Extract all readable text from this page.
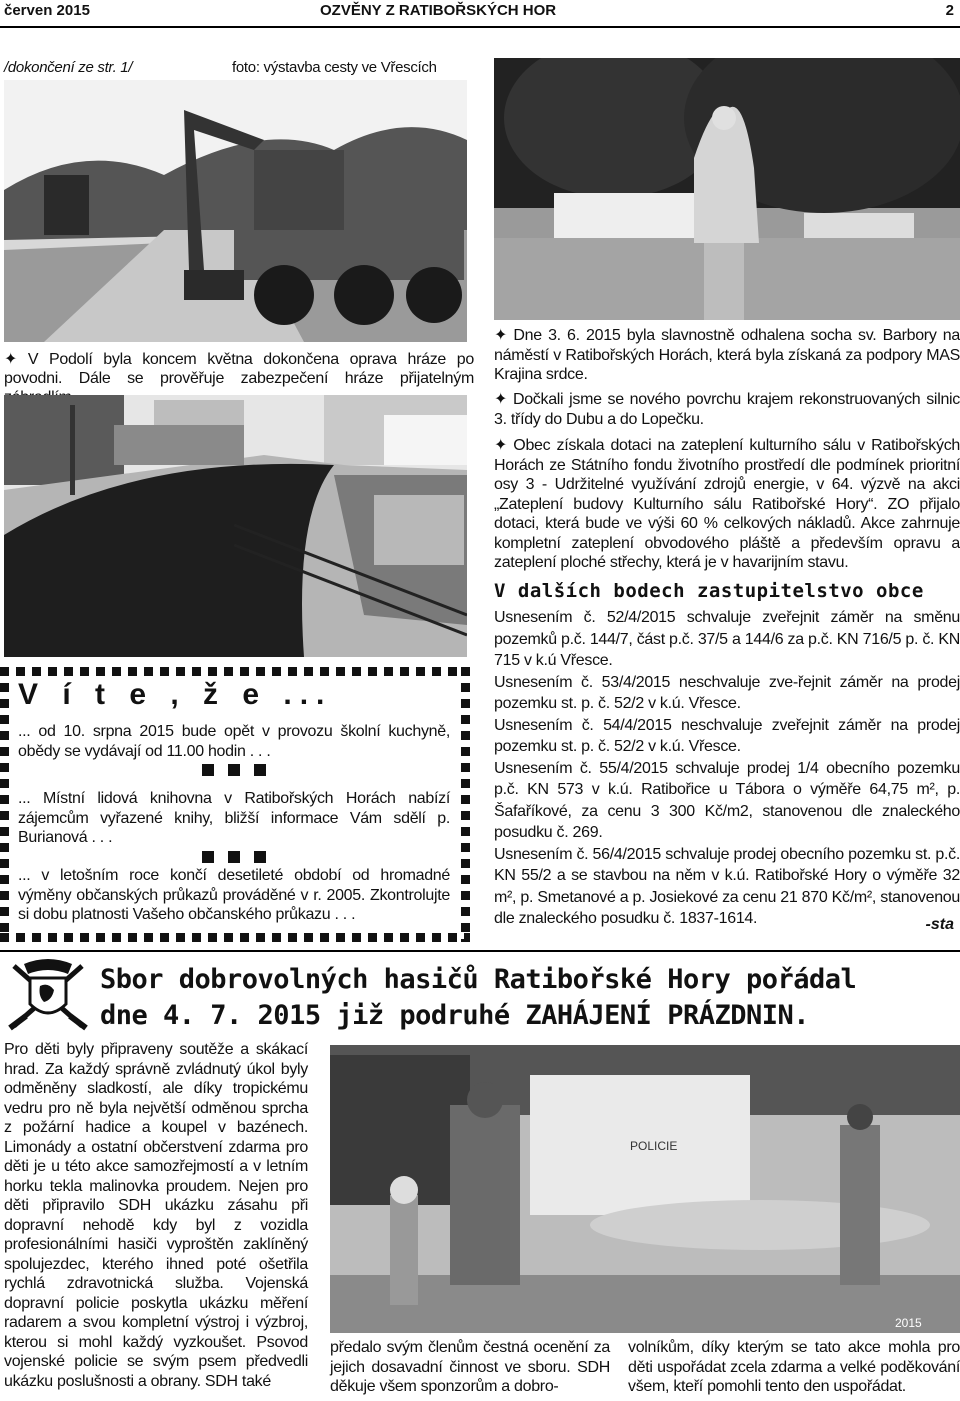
červen 2015	OZVĚNY Z RATIBOŘSKÝCH HOR	2
/dokončení ze str. 1/	foto: výstavba cesty ve Vřescích
✦ V Podolí byla koncem května dokončena oprava hráze po povodni. Dále se prověřuje zabezpečení hráze přijatelným
V í t e , ž e ...
... od 10. srpna 2015 bude opět v provozu školní kuchyně, obědy se vydávají od 11.00 hodin . . .
... Místní lidová knihovna v Ratibořských Horách nabízí zájemcům vyřazené knihy, bližší informace Vám sdělí p. Burianová . . .
... v letošním roce končí desetileté období od hromadné výměny občanských průkazů prováděné v r. 2005. Zkontrolujte si dobu platnosti Vašeho občanského průkazu . . .
✦ Dne 3. 6. 2015 byla slavnostně odhalena socha sv. Barbory na náměstí v Ratibořských Horách, která byla získaná za podpory MAS Krajina srdce.
✦ Dočkali jsme se nového povrchu krajem rekonstruovaných silnic 3. třídy do Dubu a do Lopečku.
✦ Obec získala dotaci na zateplení kulturního sálu v Ratibořských Horách ze Státního fondu životního prostředí dle podmínek prioritní osy 3 - Udržitelné využívání zdrojů energie, v 64. výzvě na akci „Zateplení budovy Kulturního sálu Ratibořské Hory“. ZO přijalo dotaci, která bude ve výši 60 % celkových nákladů. Akce zahrnuje kompletní zateplení obvodového pláště a především opravu a zateplení ploché střechy, která je v havarijním stavu.
V dalších bodech zastupitelstvo obce
Usnesením č. 52/4/2015 schvaluje zveřejnit záměr na směnu pozemků p.č. 144/7, část p.č. 37/5 a 144/6 za p.č. KN 716/5 p. č. KN 715 v k.ú Vřesce.
Usnesením č. 53/4/2015 neschvaluje zve-řejnit záměr na prodej pozemku st. p. č. 52/2 v k.ú. Vřesce.
Usnesením č. 54/4/2015 neschvaluje zveřejnit záměr na prodej pozemku st. p. č. 52/2 v k.ú. Vřesce.
Usnesením č. 55/4/2015 schvaluje prodej 1/4 obecního pozemku p.č. KN 573 v k.ú. Ratibořice u Tábora o výměře 64,75 m², p. Šafaříkové, za cenu 3 300 Kč/m2, stanovenou dle znaleckého posudku č. 269.
Usnesením č. 56/4/2015 schvaluje prodej obecního pozemku st. p.č. KN 55/2 a se stavbou na něm v k.ú. Ratibořské Hory o výměře 32 m², p. Smetanové a p. Josiekové za cenu 21 870 Kč/m², stanovenou dle znaleckého posudku č. 1837-1614.	-sta
Sbor dobrovolných hasičů Ratibořské Hory pořádal
dne 4. 7. 2015 již podruhé ZAHÁJENÍ PRÁZDNIN.
Pro děti byly připraveny soutěže a skákací hrad. Za každý správně zvládnutý úkol byly odměněny sladkostí, ale díky tropickému vedru pro ně byla největší odměnou sprcha z požární hadice a koupel v bazénech. Limonády a ostatní občerstvení zdarma pro děti je u této akce samozřejmostí a v letním horku tekla malinovka proudem. Nejen pro děti připravilo SDH ukázku zásahu při dopravní nehodě kdy byl z vozidla profesionálními hasiči vyproštěn zaklíněný spolujezdec, kterého ihned poté ošetřila rychlá zdravotnická služba. Vojenská dopravní policie poskytla ukázku měření radarem a svou kompletní výstroj i výzbroj, kterou si mohl každý vyzkoušet. Psovod vojenské policie se svým psem předvedli ukázku poslušnosti a obrany. SDH také
POLICIE
2015
předalo svým členům čestná ocenění za jejich dosavadní činnost ve sboru. SDH děkuje všem sponzorům a dobro-
volníkům, díky kterým se tato akce mohla pro děti uspořádat zcela zdarma a velké poděkování všem, kteří pomohli tento den uspořádat.
